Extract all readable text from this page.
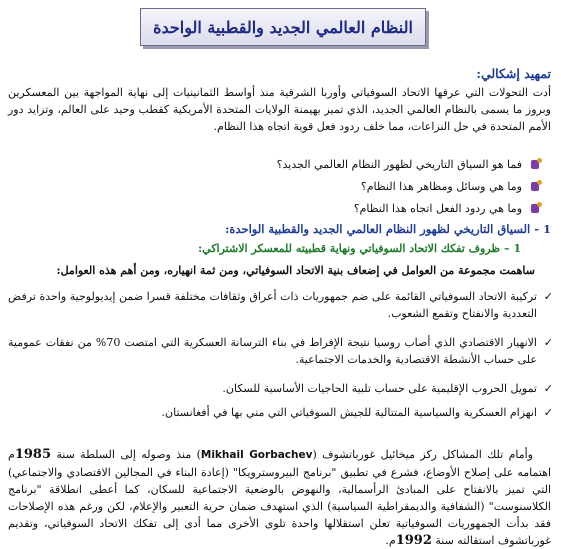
النظام العالمي الجديد والقطبية الواحدة
تمهيد إشكالي:
أدت التحولات التي عرفها الاتحاد السوفياتي وأوربا الشرقية منذ أواسط الثمانينيات إلى نهاية المواجهة بين المعسكرين وبروز ما يسمى بالنظام العالمي الجديد، الذي تميز بهيمنة الولايات المتحدة الأمريكية كقطب وحيد على العالم، وتزايد دور الأمم المتحدة في حل النزاعات، مما خلف ردود فعل قوية اتجاه هذا النظام.
فما هو السياق التاريخي لظهور النظام العالمي الجديد؟
وما هي وسائل ومظاهر هذا النظام؟
وما هي ردود الفعل اتجاه هذا النظام؟
1 - السياق التاريخي لظهور النظام العالمي الجديد والقطبية الواحدة:
1 – ظروف تفكك الاتحاد السوفياتي ونهاية قطبيته للمعسكر الاشتراكي:
ساهمت مجموعة من العوامل في إضعاف بنية الاتحاد السوفياتي، ومن ثمة انهياره، ومن أهم هذه العوامل:
✓
تركيبة الاتحاد السوفياتي القائمة على ضم جمهوريات ذات أعراق وثقافات مختلفة قسرا ضمن إيديولوجية واحدة ترفض التعددية والانفتاح وتقمع الشعوب.
✓
الانهيار الاقتصادي الذي أصاب روسيا نتيجة الإفراط في بناء الترسانة العسكرية التي امتصت 70% من نفقات عمومية على حساب الأنشطة الاقتصادية والخدمات الاجتماعية.
✓
تمويل الحروب الإقليمية على حساب تلبية الحاجيات الأساسية للسكان.
✓
انهزام العسكرية والسياسية المتتالية للجيش السوفياتي التي مني بها في أفغانستان.
وأمام تلك المشاكل ركز ميخائيل غورباتشوف (Mikhail Gorbachev) منذ وصوله إلى السلطة سنة 1985م اهتمامه على إصلاح الأوضاع، فشرع في تطبيق "برنامج البيروسترويكا" (إعادة البناء في المجالين الاقتصادي والاجتماعي) التي تميز بالانفتاح على المبادئ الرأسمالية، والنهوض بالوضعية الاجتماعية للسكان، كما أعطى انطلاقة "برنامج الكلاسنوست" (الشفافية والديمقراطية السياسية) الذي استهدف ضمان حرية التعبير والإعلام، لكن ورغم هذه الإصلاحات فقد بدأت الجمهوريات السوفياتية تعلن استقلالها واحدة تلوى الأخرى مما أدى إلى تفكك الاتحاد السوفياتي، وتقديم غورباتشوف استقالته سنة 1992م.
